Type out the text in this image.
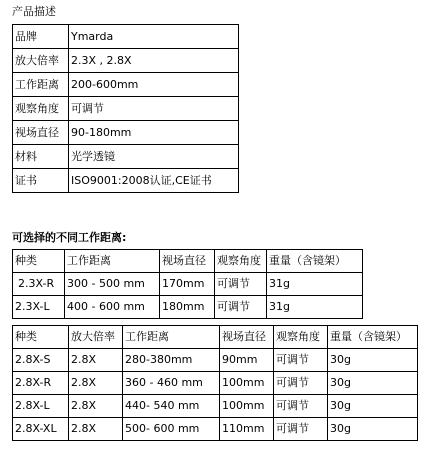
产品描述
品牌	Ymarda
放大倍率	2.3X , 2.8X
工作距离	200-600mm
观察角度	可调节
视场直径	90-180mm
材料	光学透镜
证书	ISO9001:2008认证,CE证书
可选择的不同工作距离:
种类	工作距离	视场直径	观察角度	重量（含镜架）
2.3X-R	300 - 500 mm	170mm	可调节	31g
2.3X-L	400 - 600 mm	180mm	可调节	31g
种类	放大倍率	工作距离	视场直径	观察角度	重量（含镜架）
2.8X-S	2.8X	280-380mm	90mm	可调节	30g
2.8X-R	2.8X	360 - 460 mm	100mm	可调节	30g
2.8X-L	2.8X	440- 540 mm	100mm	可调节	30g
2.8X-XL	2.8X	500- 600 mm	110mm	可调节	30g
